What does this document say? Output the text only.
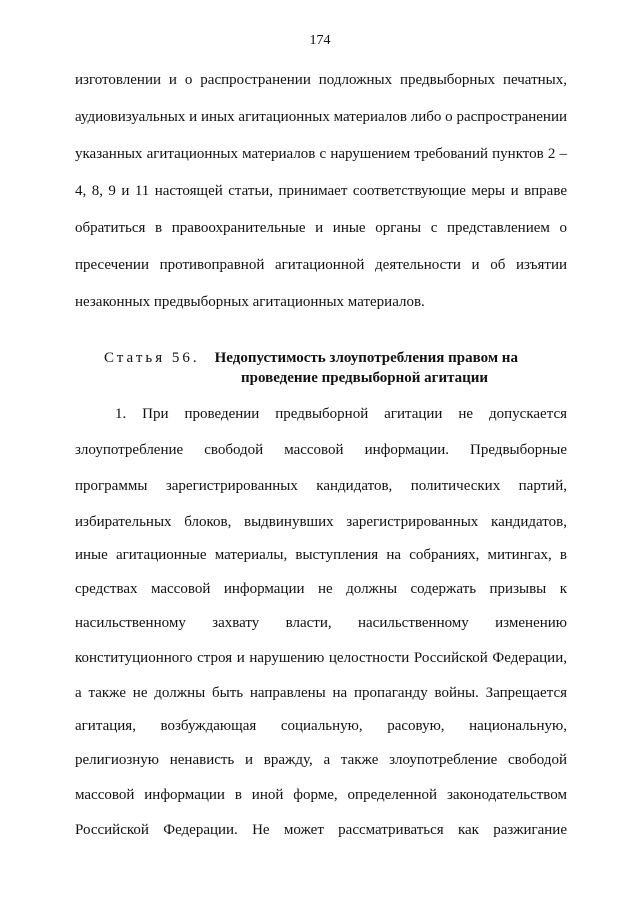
174
изготовлении и о распространении подложных предвыборных печатных,
аудиовизуальных и иных агитационных материалов либо о распространении
указанных агитационных материалов с нарушением требований пунктов 2 –
4, 8, 9 и 11 настоящей статьи, принимает соответствующие меры и вправе
обратиться в правоохранительные и иные органы с представлением о
пресечении противоправной агитационной деятельности и об изъятии
незаконных предвыборных агитационных материалов.
Статья 56. Недопустимость злоупотребления правом на
проведение предвыборной агитации
1. При проведении предвыборной агитации не допускается
злоупотребление свободой массовой информации. Предвыборные
программы зарегистрированных кандидатов, политических партий,
избирательных блоков, выдвинувших зарегистрированных кандидатов,
иные агитационные материалы, выступления на собраниях, митингах, в
средствах массовой информации не должны содержать призывы к
насильственному захвату власти, насильственному изменению
конституционного строя и нарушению целостности Российской Федерации,
а также не должны быть направлены на пропаганду войны. Запрещается
агитация, возбуждающая социальную, расовую, национальную,
религиозную ненависть и вражду, а также злоупотребление свободой
массовой информации в иной форме, определенной законодательством
Российской Федерации. Не может рассматриваться как разжигание
